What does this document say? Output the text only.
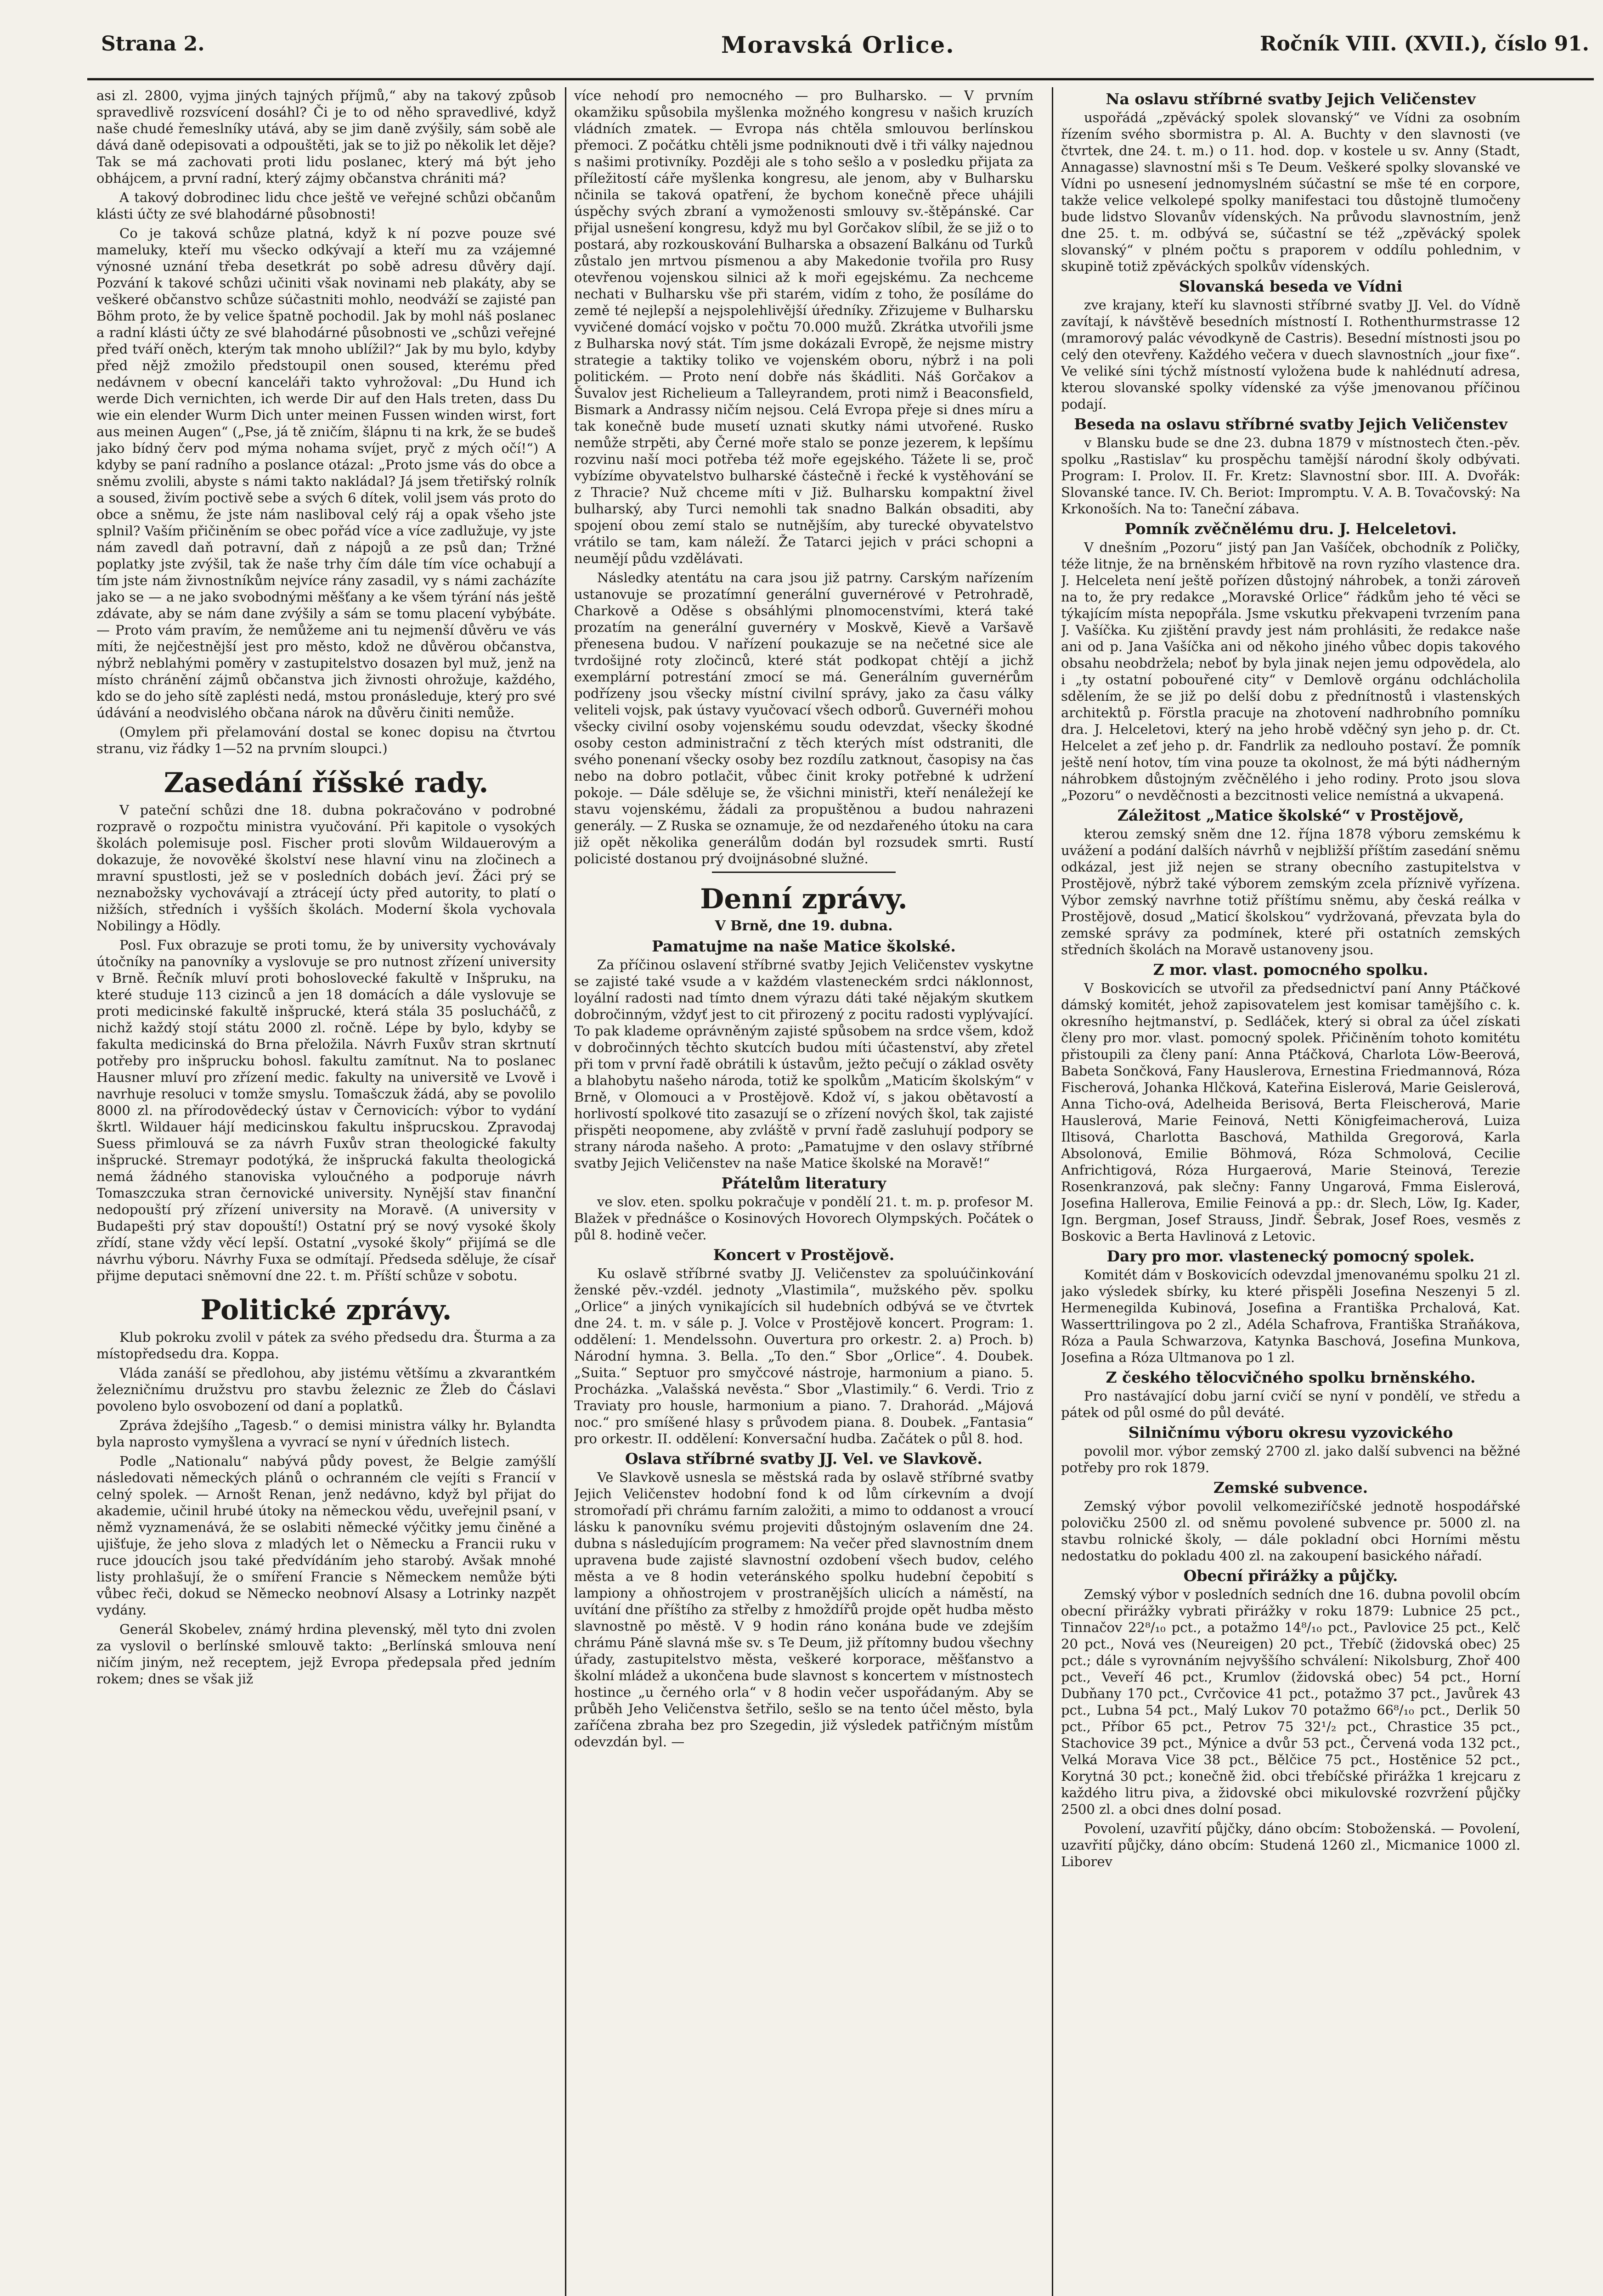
Strana 2.	Moravská Orlice.	Ročník VIII. (XVII.), číslo 91.

asi zl. 2800, vyjma jiných tajných příjmů,“ aby na takový způsob spravedlivě rozsvícení dosáhl? Či je to od něho spravedlivé, když naše chudé řemeslníky utává, aby se jim daně zvýšily, sám sobě ale dává daně odepisovati a odpouštěti, jak se to již po několik let děje? Tak se má zachovati proti lidu poslanec, který má být jeho obhájcem, a první radní, který zájmy občanstva chrániti má?

A takový dobrodinec lidu chce ještě ve veřejné schůzi občanům klásti účty ze své blahodárné působnosti!

Co je taková schůze platná, když k ní pozve pouze své mameluky, kteří mu všecko odkývají a kteří mu za vzájemné výnosné uznání třeba desetkrát po sobě adresu důvěry dají. Pozvání k takové schůzi učiniti však novinami neb plakáty, aby se veškeré občanstvo schůze súčastniti mohlo, neodváží se zajisté pan Böhm proto, že by velice špatně pochodil. Jak by mohl náš poslanec a radní klásti účty ze své blahodárné působnosti ve „schůzi veřejné před tváří oněch, kterým tak mnoho ublížil?“ Jak by mu bylo, kdyby před nějž zmožilo předstoupil onen soused, kterému před nedávnem v obecní kanceláři takto vyhrožoval: „Du Hund ich werde Dich vernichten, ich werde Dir auf den Hals treten, dass Du wie ein elender Wurm Dich unter meinen Fussen winden wirst, fort aus meinen Augen“ („Pse, já tě zničím, šlápnu ti na krk, že se budeš jako bídný červ pod mýma nohama svíjet, pryč z mých očí!“) A kdyby se paní radního a poslance otázal: „Proto jsme vás do obce a sněmu zvolili, abyste s námi takto nakládal? Já jsem třetiřský rolník a soused, živím poctivě sebe a svých 6 dítek, volil jsem vás proto do obce a sněmu, že jste nám nasliboval celý ráj a opak všeho jste splnil? Vaším přičiněním se obec pořád více a více zadlužuje, vy jste nám zavedl daň potravní, daň z nápojů a ze psů dan; Tržné poplatky jste zvýšil, tak že naše trhy čím dále tím více ochabují a tím jste nám živnostníkům nejvíce rány zasadil, vy s námi zacházíte jako se — a ne jako svobodnými měšťany a ke všem týrání nás ještě zdávate, aby se nám dane zvýšily a sám se tomu placení vybýbáte. — Proto vám pravím, že nemůžeme ani tu nejmenší důvěru ve vás míti, že nejčestnější jest pro město, kdož ne důvěrou občanstva, nýbrž neblahými poměry v zastupitelstvo dosazen byl muž, jenž na místo chránění zájmů občanstva jich živnosti ohrožuje, každého, kdo se do jeho sítě zaplésti nedá, mstou pronásleduje, který pro své údávání a neodvislého občana nárok na důvěru činiti nemůže.

(Omylem při přelamování dostal se konec dopisu na čtvrtou stranu, viz řádky 1—52 na prvním sloupci.)

Zasedání říšské rady.

V pateční schůzi dne 18. dubna pokračováno v podrobné rozpravě o rozpočtu ministra vyučování. Při kapitole o vysokých školách polemisuje posl. Fischer proti slovům Wildauerovým a dokazuje, že novověké školství nese hlavní vinu na zločinech a mravní spustlosti, jež se v posledních dobách jeví. Žáci prý se neznabožsky vychovávají a ztrácejí úcty před autority, to platí o nižších, středních i vyšších školách. Moderní škola vychovala Nobilingy a Hödly.

Posl. Fux obrazuje se proti tomu, že by university vychovávaly útočníky na panovníky a vyslovuje se pro nutnost zřízení university v Brně. Řečník mluví proti bohoslovecké fakultě v Inšpruku, na které studuje 113 cizinců a jen 18 domácích a dále vyslovuje se proti medicinské fakultě inšprucké, která stála 35 poslucháčů, z nichž každý stojí státu 2000 zl. ročně. Lépe by bylo, kdyby se fakulta medicinská do Brna přeložila. Návrh Fuxův stran skrtnutí potřeby pro inšprucku bohosl. fakultu zamítnut. Na to poslanec Hausner mluví pro zřízení medic. fakulty na universitě ve Lvově i navrhuje resoluci v tomže smyslu. Tomašczuk žádá, aby se povolilo 8000 zl. na přírodovědecký ústav v Černovicích: výbor to vydání škrtl. Wildauer hájí medicinskou fakultu inšprucskou. Zpravodaj Suess přimlouvá se za návrh Fuxův stran theologické fakulty inšprucké. Stremayr podotýká, že inšprucká fakulta theologická nemá žádného stanoviska vyloučného a podporuje návrh Tomaszczuka stran černovické university. Nynější stav finanční nedopouští prý zřízení university na Moravě. (A university v Budapešti prý stav dopouští!) Ostatní prý se nový vysoké školy zřídí, stane vždy věcí lepší. Ostatní „vysoké školy“ přijímá se dle návrhu výboru. Návrhy Fuxa se odmítají. Předseda sděluje, že císař přijme deputaci sněmovní dne 22. t. m. Příští schůze v sobotu.

Politické zprávy.

Klub pokroku zvolil v pátek za svého předsedu dra. Šturma a za místopředsedu dra. Koppa.

Vláda zanáší se předlohou, aby jistému většímu a zkvarantkém železničnímu družstvu pro stavbu železnic ze Žleb do Čáslavi povoleno bylo osvobození od daní a poplatků.

Zpráva ždejšího „Tagesb.“ o demisi ministra války hr. Bylandta byla naprosto vymyšlena a vyvrací se nyní v úředních listech.

Podle „Nationalu“ nabývá půdy povest, že Belgie zamýšlí následovati německých plánů o ochranném cle vejíti s Francií v celný spolek. — Arnošt Renan, jenž nedávno, když byl přijat do akademie, učinil hrubé útoky na německou vědu, uveřejnil psaní, v němž vyznamenává, že se oslabiti německé výčitky jemu činěné a ujišťuje, že jeho slova z mladých let o Německu a Francii ruku v ruce jdoucích jsou také předvídáním jeho starobý. Avšak mnohé listy prohlašují, že o smíření Francie s Německem nemůže býti vůbec řeči, dokud se Německo neobnoví Alsasy a Lotrinky nazpět vydány.

Generál Skobelev, známý hrdina plevenský, měl tyto dni zvolen za vyslovil o berlínské smlouvě takto: „Berlínská smlouva není ničím jiným, než receptem, jejž Evropa předepsala před jedním rokem; dnes se však již

více nehodí pro nemocného — pro Bulharsko. — V prvním okamžiku spůsobila myšlenka možného kongresu v našich kruzích vládních zmatek. — Evropa nás chtěla smlouvou berlínskou přemoci. Z počátku chtěli jsme podniknouti dvě i tři války najednou s našimi protivníky. Později ale s toho sešlo a v posledku přijata za příležitostí cáře myšlenka kongresu, ale jenom, aby v Bulharsku nčinila se taková opatření, že bychom konečně přece uhájili úspěchy svých zbraní a vymoženosti smlouvy sv.-štěpánské. Car přijal usnešení kongresu, když mu byl Gorčakov slíbil, že se již o to postará, aby rozkouskování Bulharska a obsazení Balkánu od Turků zůstalo jen mrtvou písmenou a aby Makedonie tvořila pro Rusy otevřenou vojenskou silnici až k moři egejskému. Za nechceme nechati v Bulharsku vše při starém, vidím z toho, že posíláme do země té nejlepší a nejspolehlivější úředníky. Zřizujeme v Bulharsku vyvičené domácí vojsko v počtu 70.000 mužů. Zkrátka utvořili jsme z Bulharska nový stát. Tím jsme dokázali Evropě, že nejsme mistry strategie a taktiky toliko ve vojenském oboru, nýbrž i na poli politickém. — Proto není dobře nás škádliti. Náš Gorčakov a Šuvalov jest Richelieum a Talleyrandem, proti nimž i Beaconsfield, Bismark a Andrassy ničím nejsou. Celá Evropa přeje si dnes míru a tak konečně bude musetí uznati skutky námi utvořené. Rusko nemůže strpěti, aby Černé moře stalo se ponze jezerem, k lepšímu rozvinu naší moci potřeba též moře egejského. Tážete li se, proč vybízíme obyvatelstvo bulharské částečně i řecké k vystěhování se z Thracie? Nuž chceme míti v Již. Bulharsku kompaktní živel bulharský, aby Turci nemohli tak snadno Balkán obsaditi, aby spojení obou zemí stalo se nutnějším, aby turecké obyvatelstvo vrátilo se tam, kam náleží. Že Tatarci jejich v práci schopni a neumějí půdu vzdělávati.

Následky atentátu na cara jsou již patrny. Carským nařízením ustanovuje se prozatímní generální guvernérové v Petrohradě, Charkově a Oděse s obsáhlými plnomocenstvími, která také prozatím na generální guvernéry v Moskvě, Kievě a Varšavě přenesena budou. V nařízení poukazuje se na nečetné sice ale tvrdošijné roty zločinců, které stát podkopat chtějí a jichž exemplární potrestání zmocí se má. Generálním guvernérům podřízeny jsou všecky místní civilní správy, jako za času války veliteli vojsk, pak ústavy vyučovací všech odborů. Guvernéři mohou všecky civilní osoby vojenskému soudu odevzdat, všecky škodné osoby ceston administrační z těch kterých míst odstraniti, dle svého ponenaní všecky osoby bez rozdílu zatknout, časopisy na čas nebo na dobro potlačit, vůbec činit kroky potřebné k udržení pokoje. — Dále sděluje se, že všichni ministři, kteří nenáležejí ke stavu vojenskému, žádali za propuštěnou a budou nahrazeni generály. — Z Ruska se oznamuje, že od nezdařeného útoku na cara již opět několika generálům dodán byl rozsudek smrti. Rustí policisté dostanou prý dvoijnásobné služné.

Denní zprávy.
V Brně, dne 19. dubna.
Pamatujme na naše Matice školské.

Za příčinou oslavení stříbrné svatby Jejich Veličenstev vyskytne se zajisté také vsude a v každém vlasteneckém srdci náklonnost, loyální radosti nad tímto dnem výrazu dáti také nějakým skutkem dobročinným, vždyť jest to cit přirozený z pocitu radosti vyplývající. To pak klademe oprávněným zajisté spůsobem na srdce všem, kdož v dobročinných těchto skutcích budou míti účastenství, aby zřetel při tom v první řadě obrátili k ústavům, ježto pečují o základ osvěty a blahobytu našeho národa, totiž ke spolkům „Maticím školským“ v Brně, v Olomouci a v Prostějově. Kdož ví, s jakou obětavostí a horlivostí spolkové tito zasazují se o zřízení nových škol, tak zajisté přispěti neopomene, aby zvláště v první řadě zasluhují podpory se strany národa našeho. A proto: „Pamatujme v den oslavy stříbrné svatby Jejich Veličenstev na naše Matice školské na Moravě!“

Přátelům literatury

ve slov. eten. spolku pokračuje v pondělí 21. t. m. p. profesor M. Blažek v přednášce o Kosinových Hovorech Olympských. Počátek o půl 8. hodině večer.

Koncert v Prostějově.

Ku oslavě stříbrné svatby JJ. Veličenstev za spoluúčinkování ženské pěv.-vzdél. jednoty „Vlastimila“, mužského pěv. spolku „Orlice“ a jiných vynikajících sil hudebních odbývá se ve čtvrtek dne 24. t. m. v sále p. J. Volce v Prostějově koncert. Program: 1. oddělení: 1. Mendelssohn. Ouvertura pro orkestr. 2. a) Proch. b) Národní hymna. 3. Bella. „To den.“ Sbor „Orlice“. 4. Doubek. „Suita.“ Septuor pro smyčcové nástroje, harmonium a piano. 5. Procházka. „Valašská nevěsta.“ Sbor „Vlastimily.“ 6. Verdi. Trio z Traviaty pro housle, harmonium a piano. 7. Drahorád. „Májová noc.“ pro smíšené hlasy s průvodem piana. 8. Doubek. „Fantasia“ pro orkestr. II. oddělení: Konversační hudba. Začátek o půl 8. hod.

Oslava stříbrné svatby JJ. Vel. ve Slavkově.

Ve Slavkově usnesla se městská rada by oslavě stříbrné svatby Jejich Veličenstev hodobní fond k od lům církevním a dvojí stromořadí při chrámu farním založiti, a mimo to oddanost a vroucí lásku k panovníku svému projeviti důstojným oslavením dne 24. dubna s následujícím programem: Na večer před slavnostním dnem upravena bude zajisté slavnostní ozdobení všech budov, celého města a ve 8 hodin veteránského spolku hudební čepobití s lampiony a ohňostrojem v prostranějších ulicích a náměstí, na uvítání dne příštího za střelby z hmoždířů projde opět hudba město slavnostně po městě. V 9 hodin ráno konána bude ve zdejším chrámu Páně slavná mše sv. s Te Deum, již přítomny budou všechny úřady, zastupitelstvo města, veškeré korporace, měšťanstvo a školní mládež a ukončena bude slavnost s koncertem v místnostech hostince „u černého orla“ v 8 hodin večer uspořádaným. Aby se průběh Jeho Veličenstva šetřilo, sešlo se na tento účel město, byla zaříčena zbraha bez pro Szegedin, již výsledek patřičným místům odevzdán byl. —

Na oslavu stříbrné svatby Jejich Veličenstev

uspořádá „zpěvácký spolek slovanský“ ve Vídni za osobním řízením svého sbormistra p. Al. A. Buchty v den slavnosti (ve čtvrtek, dne 24. t. m.) o 11. hod. dop. v kostele u sv. Anny (Stadt, Annagasse) slavnostní mši s Te Deum. Veškeré spolky slovanské ve Vídni po usnesení jednomyslném súčastní se mše té en corpore, takže velice velkolepé spolky manifestaci tou důstojně tlumočeny bude lidstvo Slovanův vídenských. Na průvodu slavnostním, jenž dne 25. t. m. odbývá se, súčastní se též „zpěvácký spolek slovanský“ v plném počtu s praporem v oddílu pohlednim, v skupině totiž zpěváckých spolkův vídenských.

Slovanská beseda ve Vídni

zve krajany, kteří ku slavnosti stříbrné svatby JJ. Vel. do Vídně zavítají, k návštěvě besedních místností I. Rothenthurmstrasse 12 (mramorový palác vévodkyně de Castris). Besední místnosti jsou po celý den otevřeny. Každého večera v duech slavnostních „jour fixe“. Ve veliké síni týchž místností vyložena bude k nahlédnutí adresa, kterou slovanské spolky vídenské za výše jmenovanou příčinou podají.

Beseda na oslavu stříbrné svatby Jejich Veličenstev

v Blansku bude se dne 23. dubna 1879 v místnostech čten.-pěv. spolku „Rastislav“ ku prospěchu tamější národní školy odbývati. Program: I. Prolov. II. Fr. Kretz: Slavnostní sbor. III. A. Dvořák: Slovanské tance. IV. Ch. Beriot: Impromptu. V. A. B. Tovačovský: Na Krkonoších. Na to: Taneční zábava.

Pomník zvěčnělému dru. J. Helceletovi.

V dnešním „Pozoru“ jistý pan Jan Vašíček, obchodník z Poličky, téže litnje, že na brněnském hřbitově na rovn ryzího vlastence dra. J. Helceleta není ještě pořízen důstojný náhrobek, a tonži zároveň na to, že pry redakce „Moravské Orlice“ řádkům jeho té věci se týkajícím místa nepopřála. Jsme vskutku překvapeni tvrzením pana J. Vašíčka. Ku zjištění pravdy jest nám prohlásiti, že redakce naše ani od p. Jana Vašíčka ani od někoho jiného vůbec dopis takového obsahu neobdržela; neboť by byla jinak nejen jemu odpovědela, alo i „ty ostatní pobouřené city“ v Demlově orgánu odchlácholila sdělením, že se již po delší dobu z přednítnostů i vlastenských architektů p. Förstla pracuje na zhotovení nadhrobního pomníku dra. J. Helceletovi, který na jeho hrobě vděčný syn jeho p. dr. Ct. Helcelet a zeť jeho p. dr. Fandrlik za nedlouho postaví. Že pomník ještě není hotov, tím vina pouze ta okolnost, že má býti nádherným náhrobkem důstojným zvěčnělého i jeho rodiny. Proto jsou slova „Pozoru“ o nevděčnosti a bezcitnosti velice nemístná a ukvapená.

Záležitost „Matice školské“ v Prostějově,

kterou zemský sněm dne 12. října 1878 výboru zemskému k uvážení a podání dalších návrhů v nejbližší příštím zasedání sněmu odkázal, jest již nejen se strany obecního zastupitelstva v Prostějově, nýbrž také výborem zemským zcela příznivě vyřízena. Výbor zemský navrhne totiž příštímu sněmu, aby česká reálka v Prostějově, dosud „Maticí školskou“ vydržovaná, převzata byla do zemské správy za podmínek, které při ostatních zemských středních školách na Moravě ustanoveny jsou.

Z mor. vlast. pomocného spolku.

V Boskovicích se utvořil za předsednictví paní Anny Ptáčkové dámský komitét, jehož zapisovatelem jest komisar tamějšího c. k. okresního hejtmanství, p. Sedláček, který si obral za účel získati členy pro mor. vlast. pomocný spolek. Přičiněním tohoto komitétu přistoupili za členy paní: Anna Ptáčková, Charlota Löw-Beerová, Babeta Sončková, Fany Hauslerova, Ernestina Friedmannová, Róza Fischerová, Johanka Hlčková, Kateřina Eislerová, Marie Geislerová, Anna Ticho-ová, Adelheida Berisová, Berta Fleischerová, Marie Hauslerová, Marie Feinová, Netti Königfeimacherová, Luiza Iltisová, Charlotta Baschová, Mathilda Gregorová, Karla Absolonová, Emilie Böhmová, Róza Schmolová, Cecilie Anfrichtigová, Róza Hurgaerová, Marie Steinová, Terezie Rosenkranzová, pak slečny: Fanny Ungarová, Fmma Eislerová, Josefina Hallerova, Emilie Feinová a pp.: dr. Slech, Löw, Ig. Kader, Ign. Bergman, Josef Strauss, Jindř. Šebrak, Josef Roes, vesměs z Boskovic a Berta Havlinová z Letovic.

Dary pro mor. vlastenecký pomocný spolek.

Komitét dám v Boskovicích odevzdal jmenovanému spolku 21 zl. jako výsledek sbírky, ku které přispěli Josefina Neszenyi 5 zl. Hermenegilda Kubinová, Josefina a Františka Prchalová, Kat. Wasserttrilingova po 2 zl., Adéla Schafrova, Františka Straňákova, Róza a Paula Schwarzova, Katynka Baschová, Josefina Munkova, Josefina a Róza Ultmanova po 1 zl.

Z českého tělocvičného spolku brněnského.

Pro nastávající dobu jarní cvičí se nyní v pondělí, ve středu a pátek od půl osmé do půl deváté.

Silničnímu výboru okresu vyzovického

povolil mor. výbor zemský 2700 zl. jako další subvenci na běžné potřeby pro rok 1879.

Zemské subvence.

Zemský výbor povolil velkomeziříčské jednotě hospodářské polovičku 2500 zl. od sněmu povolené subvence pr. 5000 zl. na stavbu rolnické školy, — dále pokladní obci Horními městu nedostatku do pokladu 400 zl. na zakoupení basického nářadí.

Obecní přirážky a půjčky.

Zemský výbor v posledních sedních dne 16. dubna povolil obcím obecní přirážky vybrati přirážky v roku 1879: Lubnice 25 pct., Tinnačov 22⁸/₁₀ pct., a potažmo 14⁸/₁₀ pct., Pavlovice 25 pct., Kelč 20 pct., Nová ves (Neureigen) 20 pct., Třebíč (židovská obec) 25 pct.; dále s vyrovnáním nejvyššího schválení: Nikolsburg, Zhoř 400 pct., Veveří 46 pct., Krumlov (židovská obec) 54 pct., Horní Dubňany 170 pct., Cvrčovice 41 pct., potažmo 37 pct., Javůrek 43 pct., Lubna 54 pct., Malý Lukov 70 potažmo 66⁸/₁₀ pct., Derlik 50 pct., Příbor 65 pct., Petrov 75 32¹/₂ pct., Chrastice 35 pct., Stachovice 39 pct., Mýnice a dvůr 53 pct., Červená voda 132 pct., Velká Morava Vice 38 pct., Bělčice 75 pct., Hostěnice 52 pct., Korytná 30 pct.; konečně žid. obci třebíčské přirážka 1 krejcaru z každého litru piva, a židovské obci mikulovské rozvržení půjčky 2500 zl. a obci dnes dolní posad.

Povolení, uzavřití půjčky, dáno obcím: Stoboženská. — Povolení, uzavřití půjčky, dáno obcím: Studená 1260 zl., Micmanice 1000 zl. Liborev
